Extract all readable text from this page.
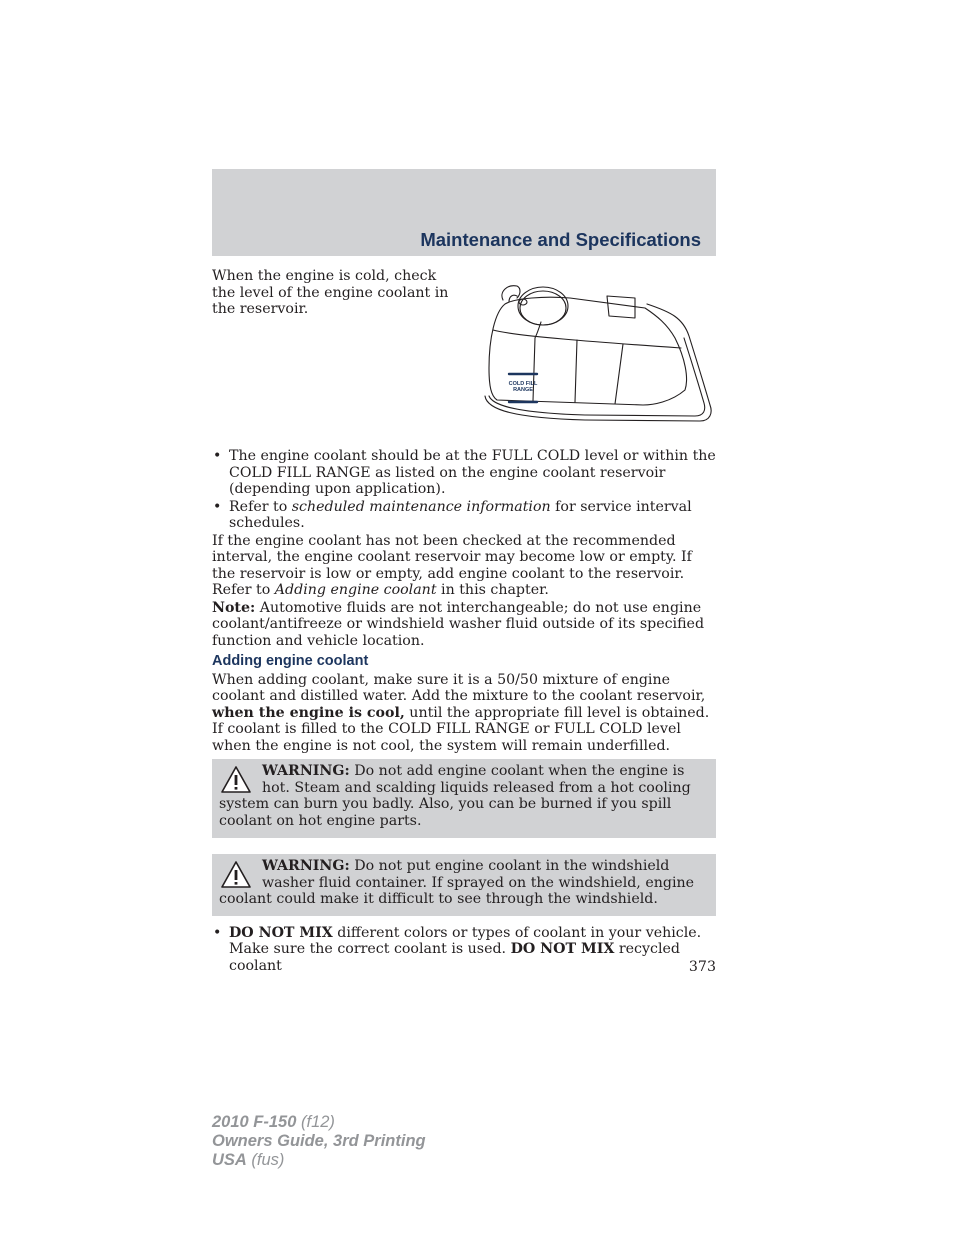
Maintenance and Specifications

When the engine is cold, check the level of the engine coolant in the reservoir.

COLD FILL
RANGE
• The engine coolant should be at the FULL COLD level or within the COLD FILL RANGE as listed on the engine coolant reservoir (depending upon application).
• Refer to scheduled maintenance information for service interval schedules.

If the engine coolant has not been checked at the recommended interval, the engine coolant reservoir may become low or empty. If the reservoir is low or empty, add engine coolant to the reservoir. Refer to Adding engine coolant in this chapter.

Note: Automotive fluids are not interchangeable; do not use engine coolant/antifreeze or windshield washer fluid outside of its specified function and vehicle location.

Adding engine coolant

When adding coolant, make sure it is a 50/50 mixture of engine coolant and distilled water. Add the mixture to the coolant reservoir, when the engine is cool, until the appropriate fill level is obtained. If coolant is filled to the COLD FILL RANGE or FULL COLD level when the engine is not cool, the system will remain underfilled.

WARNING: Do not add engine coolant when the engine is hot. Steam and scalding liquids released from a hot cooling system can burn you badly. Also, you can be burned if you spill coolant on hot engine parts.

WARNING: Do not put engine coolant in the windshield washer fluid container. If sprayed on the windshield, engine coolant could make it difficult to see through the windshield.

• DO NOT MIX different colors or types of coolant in your vehicle. Make sure the correct coolant is used. DO NOT MIX recycled coolant	373
2010 F-150 (f12)
Owners Guide, 3rd Printing
USA (fus)
